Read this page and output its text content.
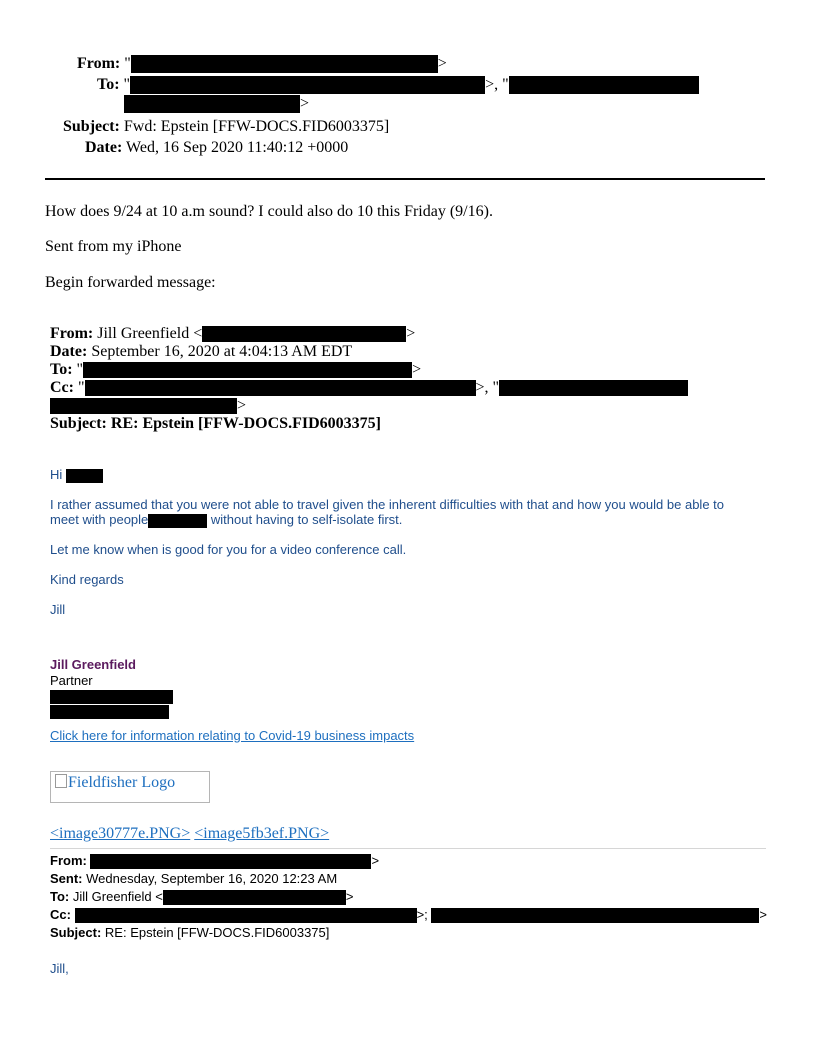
From: "	>
To: "	>, "
>
Subject: Fwd: Epstein [FFW-DOCS.FID6003375]
Date: Wed, 16 Sep 2020 11:40:12 +0000
How does 9/24 at 10 a.m sound? I could also do 10 this Friday (9/16).
Sent from my iPhone
Begin forwarded message:
From: Jill Greenfield <	>
Date: September 16, 2020 at 4:04:13 AM EDT
To: "	>
Cc: "	>, "
>
Subject: RE: Epstein [FFW-DOCS.FID6003375]
Hi
I rather assumed that you were not able to travel given the inherent difficulties with that and how you would be able to
meet with people	without having to self-isolate first.
Let me know when is good for you for a video conference call.
Kind regards
Jill
Jill Greenfield
Partner
Click here for information relating to Covid-19 business impacts
Fieldfisher Logo
<image30777e.PNG> <image5fb3ef.PNG>
From:	>
Sent: Wednesday, September 16, 2020 12:23 AM
To: Jill Greenfield <	>
Cc:	>;	>
Subject: RE: Epstein [FFW-DOCS.FID6003375]
Jill,
